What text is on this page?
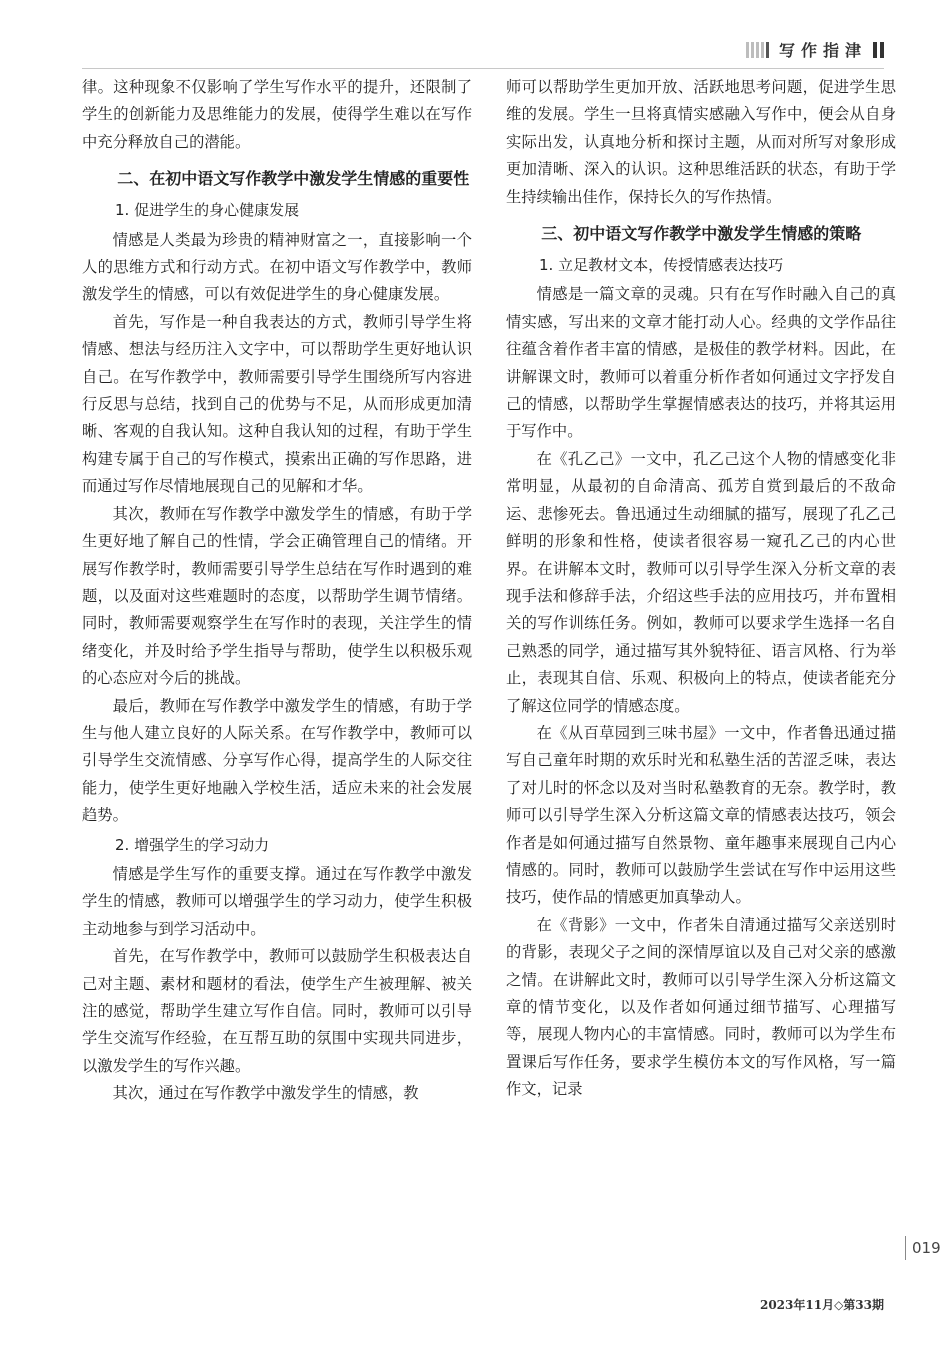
写作指津

律。这种现象不仅影响了学生写作水平的提升，还限制了学生的创新能力及思维能力的发展，使得学生难以在写作中充分释放自己的潜能。

二、在初中语文写作教学中激发学生情感的重要性
1. 促进学生的身心健康发展

情感是人类最为珍贵的精神财富之一，直接影响一个人的思维方式和行动方式。在初中语文写作教学中，教师激发学生的情感，可以有效促进学生的身心健康发展。

首先，写作是一种自我表达的方式，教师引导学生将情感、想法与经历注入文字中，可以帮助学生更好地认识自己。在写作教学中，教师需要引导学生围绕所写内容进行反思与总结，找到自己的优势与不足，从而形成更加清晰、客观的自我认知。这种自我认知的过程，有助于学生构建专属于自己的写作模式，摸索出正确的写作思路，进而通过写作尽情地展现自己的见解和才华。

其次，教师在写作教学中激发学生的情感，有助于学生更好地了解自己的性情，学会正确管理自己的情绪。开展写作教学时，教师需要引导学生总结在写作时遇到的难题，以及面对这些难题时的态度，以帮助学生调节情绪。同时，教师需要观察学生在写作时的表现，关注学生的情绪变化，并及时给予学生指导与帮助，使学生以积极乐观的心态应对今后的挑战。

最后，教师在写作教学中激发学生的情感，有助于学生与他人建立良好的人际关系。在写作教学中，教师可以引导学生交流情感、分享写作心得，提高学生的人际交往能力，使学生更好地融入学校生活，适应未来的社会发展趋势。

2. 增强学生的学习动力

情感是学生写作的重要支撑。通过在写作教学中激发学生的情感，教师可以增强学生的学习动力，使学生积极主动地参与到学习活动中。

首先，在写作教学中，教师可以鼓励学生积极表达自己对主题、素材和题材的看法，使学生产生被理解、被关注的感觉，帮助学生建立写作自信。同时，教师可以引导学生交流写作经验，在互帮互助的氛围中实现共同进步，以激发学生的写作兴趣。

其次，通过在写作教学中激发学生的情感，教

师可以帮助学生更加开放、活跃地思考问题，促进学生思维的发展。学生一旦将真情实感融入写作中，便会从自身实际出发，认真地分析和探讨主题，从而对所写对象形成更加清晰、深入的认识。这种思维活跃的状态，有助于学生持续输出佳作，保持长久的写作热情。

三、初中语文写作教学中激发学生情感的策略
1. 立足教材文本，传授情感表达技巧

情感是一篇文章的灵魂。只有在写作时融入自己的真情实感，写出来的文章才能打动人心。经典的文学作品往往蕴含着作者丰富的情感，是极佳的教学材料。因此，在讲解课文时，教师可以着重分析作者如何通过文字抒发自己的情感，以帮助学生掌握情感表达的技巧，并将其运用于写作中。

在《孔乙己》一文中，孔乙己这个人物的情感变化非常明显，从最初的自命清高、孤芳自赏到最后的不敌命运、悲惨死去。鲁迅通过生动细腻的描写，展现了孔乙己鲜明的形象和性格，使读者很容易一窥孔乙己的内心世界。在讲解本文时，教师可以引导学生深入分析文章的表现手法和修辞手法，介绍这些手法的应用技巧，并布置相关的写作训练任务。例如，教师可以要求学生选择一名自己熟悉的同学，通过描写其外貌特征、语言风格、行为举止，表现其自信、乐观、积极向上的特点，使读者能充分了解这位同学的情感态度。

在《从百草园到三味书屋》一文中，作者鲁迅通过描写自己童年时期的欢乐时光和私塾生活的苦涩乏味，表达了对儿时的怀念以及对当时私塾教育的无奈。教学时，教师可以引导学生深入分析这篇文章的情感表达技巧，领会作者是如何通过描写自然景物、童年趣事来展现自己内心情感的。同时，教师可以鼓励学生尝试在写作中运用这些技巧，使作品的情感更加真挚动人。

在《背影》一文中，作者朱自清通过描写父亲送别时的背影，表现父子之间的深情厚谊以及自己对父亲的感激之情。在讲解此文时，教师可以引导学生深入分析这篇文章的情节变化，以及作者如何通过细节描写、心理描写等，展现人物内心的丰富情感。同时，教师可以为学生布置课后写作任务，要求学生模仿本文的写作风格，写一篇作文，记录

019
2023年11月◇第33期
